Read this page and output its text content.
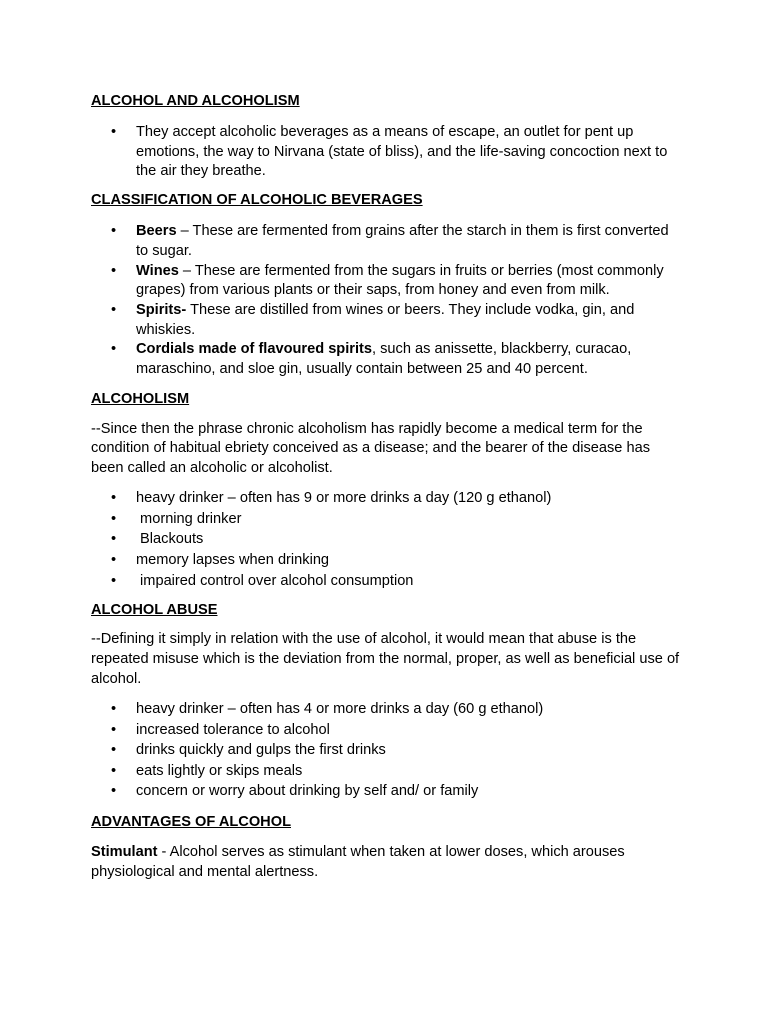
ALCOHOL AND ALCOHOLISM

• They accept alcoholic beverages as a means of escape, an outlet for pent up emotions, the way to Nirvana (state of bliss), and the life-saving concoction next to the air they breathe.

CLASSIFICATION OF ALCOHOLIC BEVERAGES

• Beers – These are fermented from grains after the starch in them is first converted to sugar.
• Wines – These are fermented from the sugars in fruits or berries (most commonly grapes) from various plants or their saps, from honey and even from milk.
• Spirits- These are distilled from wines or beers. They include vodka, gin, and whiskies.
• Cordials made of flavoured spirits, such as anissette, blackberry, curacao, maraschino, and sloe gin, usually contain between 25 and 40 percent.

ALCOHOLISM

--Since then the phrase chronic alcoholism has rapidly become a medical term for the condition of habitual ebriety conceived as a disease; and the bearer of the disease has been called an alcoholic or alcoholist.

• heavy drinker – often has 9 or more drinks a day (120 g ethanol)
•  morning drinker
•  Blackouts
• memory lapses when drinking
•  impaired control over alcohol consumption

ALCOHOL ABUSE

--Defining it simply in relation with the use of alcohol, it would mean that abuse is the repeated misuse which is the deviation from the normal, proper, as well as beneficial use of alcohol.

• heavy drinker – often has 4 or more drinks a day (60 g ethanol)
• increased tolerance to alcohol
• drinks quickly and gulps the first drinks
• eats lightly or skips meals
• concern or worry about drinking by self and/ or family

ADVANTAGES OF ALCOHOL

Stimulant - Alcohol serves as stimulant when taken at lower doses, which arouses physiological and mental alertness.
